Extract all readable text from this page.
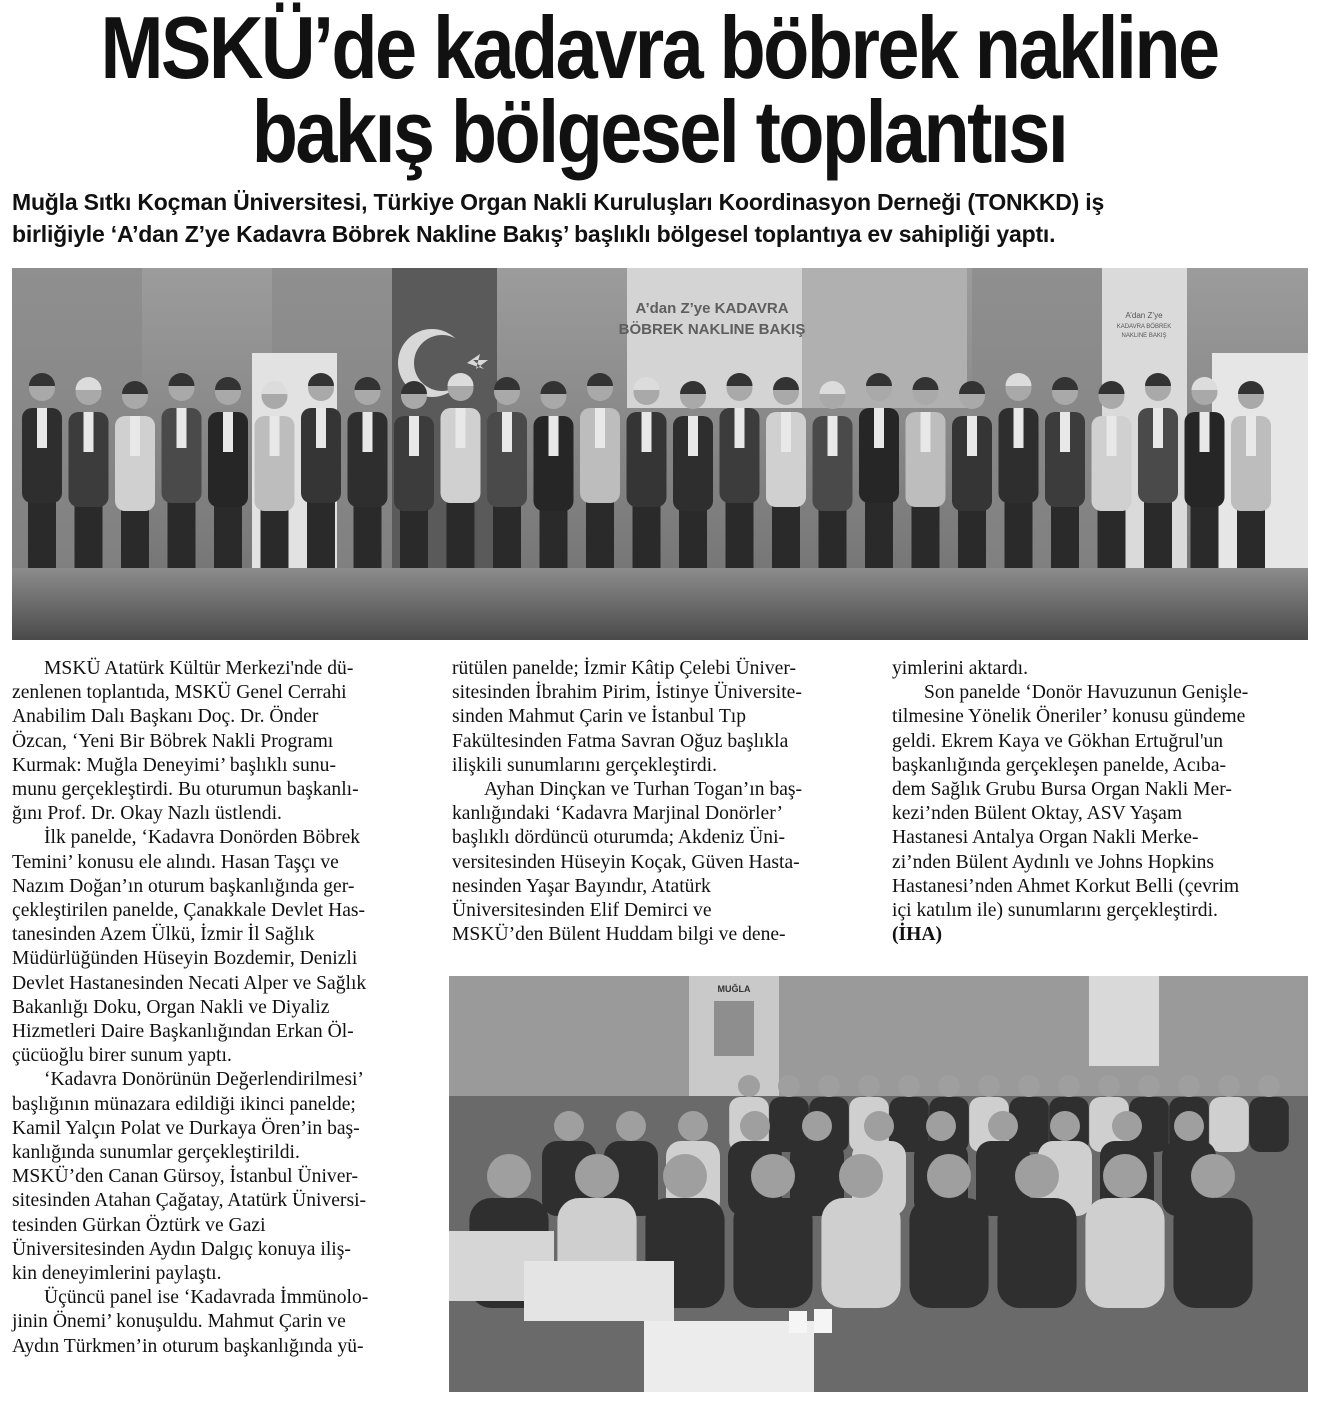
MSKÜ’de kadavra böbrek nakline
bakış bölgesel toplantısı

Muğla Sıtkı Koçman Üniversitesi, Türkiye Organ Nakli Kuruluşları Koordinasyon Derneği (TONKKD) iş
birliğiyle ‘A’dan Z’ye Kadavra Böbrek Nakline Bakış’ başlıklı bölgesel toplantıya ev sahipliği yaptı.

A’dan Z’ye KADAVRA
BÖBREK NAKLINE BAKIŞ
A’dan Z’ye
KADAVRA BÖBREK
NAKLINE BAKIŞ
MSKÜ Atatürk Kültür Merkezi'nde dü-
zenlenen toplantıda, MSKÜ Genel Cerrahi
Anabilim Dalı Başkanı Doç. Dr. Önder
Özcan, ‘Yeni Bir Böbrek Nakli Programı
Kurmak: Muğla Deneyimi’ başlıklı sunu-
munu gerçekleştirdi. Bu oturumun başkanlı-
ğını Prof. Dr. Okay Nazlı üstlendi.
İlk panelde, ‘Kadavra Donörden Böbrek
Temini’ konusu ele alındı. Hasan Taşçı ve
Nazım Doğan’ın oturum başkanlığında ger-
çekleştirilen panelde, Çanakkale Devlet Has-
tanesinden Azem Ülkü, İzmir İl Sağlık
Müdürlüğünden Hüseyin Bozdemir, Denizli
Devlet Hastanesinden Necati Alper ve Sağlık
Bakanlığı Doku, Organ Nakli ve Diyaliz
Hizmetleri Daire Başkanlığından Erkan Öl-
çücüoğlu birer sunum yaptı.
‘Kadavra Donörünün Değerlendirilmesi’
başlığının münazara edildiği ikinci panelde;
Kamil Yalçın Polat ve Durkaya Ören’in baş-
kanlığında sunumlar gerçekleştirildi.
MSKÜ’den Canan Gürsoy, İstanbul Üniver-
sitesinden Atahan Çağatay, Atatürk Üniversi-
tesinden Gürkan Öztürk ve Gazi
Üniversitesinden Aydın Dalgıç konuya iliş-
kin deneyimlerini paylaştı.
Üçüncü panel ise ‘Kadavrada İmmünolo-
jinin Önemi’ konuşuldu. Mahmut Çarin ve
Aydın Türkmen’in oturum başkanlığında yü-
rütülen panelde; İzmir Kâtip Çelebi Üniver-
sitesinden İbrahim Pirim, İstinye Üniversite-
sinden Mahmut Çarin ve İstanbul Tıp
Fakültesinden Fatma Savran Oğuz başlıkla
ilişkili sunumlarını gerçekleştirdi.
Ayhan Dinçkan ve Turhan Togan’ın baş-
kanlığındaki ‘Kadavra Marjinal Donörler’
başlıklı dördüncü oturumda; Akdeniz Üni-
versitesinden Hüseyin Koçak, Güven Hasta-
nesinden Yaşar Bayındır, Atatürk
Üniversitesinden Elif Demirci ve
MSKÜ’den Bülent Huddam bilgi ve dene-
yimlerini aktardı.
Son panelde ‘Donör Havuzunun Genişle-
tilmesine Yönelik Öneriler’ konusu gündeme
geldi. Ekrem Kaya ve Gökhan Ertuğrul'un
başkanlığında gerçekleşen panelde, Acıba-
dem Sağlık Grubu Bursa Organ Nakli Mer-
kezi’nden Bülent Oktay, ASV Yaşam
Hastanesi Antalya Organ Nakli Merke-
zi’nden Bülent Aydınlı ve Johns Hopkins
Hastanesi’nden Ahmet Korkut Belli (çevrim
içi katılım ile) sunumlarını gerçekleştirdi.
(İHA)
MUĞLA
